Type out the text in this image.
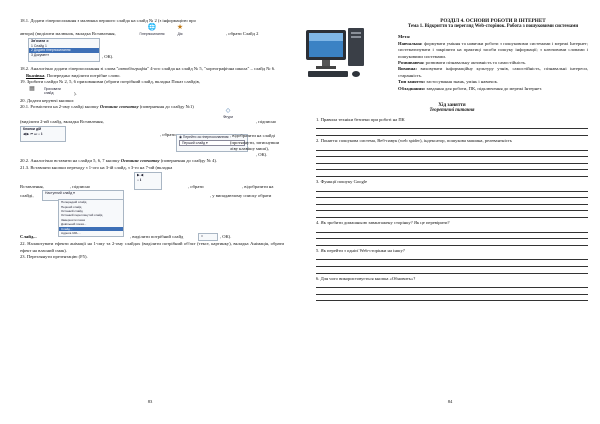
18.1. Додати гіперпосилання з малюнка першого слайда на слайд № 2 (з інформацією про

автора) (виділити малюнок, вкладка Вставлення,
🌐
Гіперпосилання
★
Дія	, обрати Слайд 2
Зв'язати з:
1 Слайд 1
2 Додати гіперпосилання
3 Документ	, ОК).

18.2. Аналогічно додати гіперпосилання зі слова "автобіографія" 4-ого слайда на слайд № 5, "хореографічна школа" – слайд № 6.

Вказівка. Попередньо виділити потрібне слово.

19. Зробити слайди № 2, 5, 6 прихованими (обрати потрібний слайд, вкладка Показ слайдів,

▦	Приховати слайд	).

20. Додати керуючі кнопки:

20.1. Розмістити на 2-ому слайді кнопку Останнє спочатку (повернення до слайду №1)

◇
Фігури
(виділити 2-ий слайд, вкладка Вставлення,	, підписно
Кнопки дій
◀ ▶ ⏮ ⏭ ⌂ ℹ	, обрати ◉ Перейти за гіперпосиланням:
Перший слайд ▾
, відобразити на слайді (протягнути, затиснувши ліву клавішу миші),
, ОК).

20.2. Аналогічно вставити на слайди 5, 6, 7 кнопку Останнє спочатку (повернення до слайду № 4).

21.3. Вставляти кнопки переходу з 1-ого на 3-ій слайд, з 3-го на 7-ий (вкладка

Вставлення,	, підписно
▶ ◀
⌂ ℹ
, обрати	, відобразити на
слайді,	Наступний слайд ▾	, у випадаючому списку обрати
Попередній слайд
Перший слайд
Останній слайд
Останній переглянутий слайд
Завершити показ
Довільний показ...
Слайд...
Адреса URL...
Слайд...	, виділити потрібний слайд	□	, ОК).

22. Налаштувати ефекти анімації на 1-ому та 2-ому слайдах (виділити потрібний об'єкт (текст, картинку), вкладка Анімація, обрати ефект на власний смак).

23. Переглянути презентацію (F5).

83
РОЗДІЛ 4. ОСНОВИ РОБОТИ В ІНТЕРНЕТ
Тема 1. Відкриття та перегляд Web-сторінок. Робота з пошуковими системами

Мета:

Навчальна: формувати уміння та навички роботи з пошуковими системами і мережі Інтернет; систематизувати і закріпити на практиці засоби пошуку інформації; з ключовими словами і пошуковими системами.

Розвиваюча: розвивати пізнавальну активність та самостійність.

Виховна: виховувати інформаційну культуру учнів, самостійність, пізнавальні інтереси, старанність.

Тип заняття: застосування знань, умінь і навичок.

Обладнання: завдання для роботи, ПК, підключення до мережі Інтернет.

Хід заняття
Теоретичні питання

1. Правила техніки безпеки при роботі на ПК

2. Поняття: пошукова система, Веб-павук (web spider), індексатор, пошукова машина, релевантність

3. Функції пошуку Google

4. Як зробити домашньою завантажену сторінку? Як це перевірити?

5. Як перейти з однієї Web-сторінки на іншу?

6. Для чого використовується кнопка «Обновить»?

84
